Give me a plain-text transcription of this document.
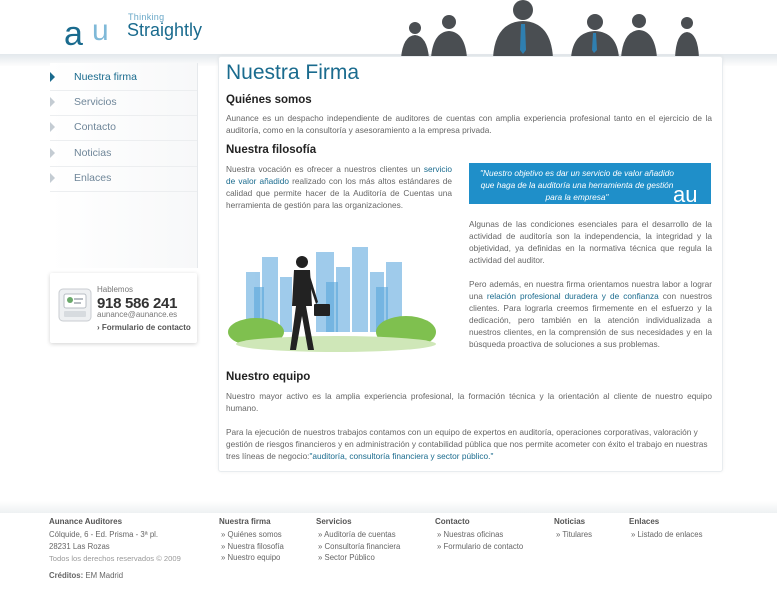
a u Thinking
Straightly
Nuestra firma
Servicios
Contacto
Noticias
Enlaces
Hablemos
918 586 241
aunance@aunance.es
› Formulario de contacto
Nuestra Firma
Quiénes somos
Aunance es un despacho independiente de auditores de cuentas con amplia experiencia profesional tanto en el ejercicio de la auditoría, como en la consultoría y asesoramiento a la empresa privada.
Nuestra filosofía
Nuestra vocación es ofrecer a nuestros clientes un servicio de valor añadido realizado con los más altos estándares de calidad que permite hacer de la Auditoría de Cuentas una herramienta de gestión para las organizaciones.
"Nuestro objetivo es dar un servicio de valor añadido que haga de la auditoría una herramienta de gestión para la empresa"	au
Algunas de las condiciones esenciales para el desarrollo de la actividad de auditoría son la independencia, la integridad y la objetividad, ya definidas en la normativa técnica que regula la actividad del auditor.
Pero además, en nuestra firma orientamos nuestra labor a lograr una relación profesional duradera y de confianza con nuestros clientes. Para lograrla creemos firmemente en el esfuerzo y la dedicación, pero también en la atención individualizada a nuestros clientes, en la comprensión de sus necesidades y en la búsqueda proactiva de soluciones a sus problemas.
Nuestro equipo
Nuestro mayor activo es la amplia experiencia profesional, la formación técnica y la orientación al cliente de nuestro equipo humano.
Para la ejecución de nuestros trabajos contamos con un equipo de expertos en auditoría, operaciones corporativas, valoración y gestión de riesgos financieros y en administración y contabilidad pública que nos permite acometer con éxito el trabajo en nuestras tres líneas de negocio:"auditoría, consultoría financiera y sector público."
Aunance Auditores
Cólquide, 6 - Ed. Prisma - 3ª pl.
28231 Las Rozas
Todos los derechos reservados © 2009
Créditos: EM Madrid
Nuestra firma
» Quiénes somos
» Nuestra filosofía
» Nuestro equipo
Servicios
» Auditoría de cuentas
» Consultoría financiera
» Sector Público
Contacto
» Nuestras oficinas
» Formulario de contacto
Noticias
» Titulares
Enlaces
» Listado de enlaces
